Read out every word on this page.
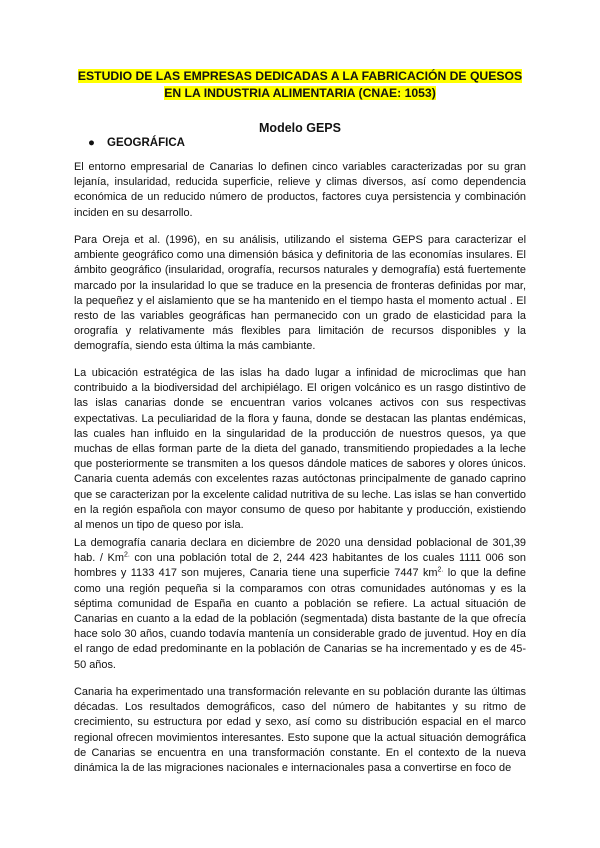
ESTUDIO DE LAS EMPRESAS DEDICADAS A LA FABRICACIÓN DE QUESOS
EN LA INDUSTRIA ALIMENTARIA (CNAE: 1053)
Modelo GEPS
● GEOGRÁFICA

El entorno empresarial de Canarias lo definen cinco variables caracterizadas por su gran lejanía, insularidad, reducida superficie, relieve y climas diversos, así como dependencia económica de un reducido número de productos, factores cuya persistencia y combinación inciden en su desarrollo.

Para Oreja et al. (1996), en su análisis, utilizando el sistema GEPS para caracterizar el ambiente geográfico como una dimensión básica y definitoria de las economías insulares. El ámbito geográfico (insularidad, orografía, recursos naturales y demografía) está fuertemente marcado por la insularidad lo que se traduce en la presencia de fronteras definidas por mar, la pequeñez y el aislamiento que se ha mantenido en el tiempo hasta el momento actual . El resto de las variables geográficas han permanecido con un grado de elasticidad para la orografía y relativamente más flexibles para limitación de recursos disponibles y la demografía, siendo esta última la más cambiante.

La ubicación estratégica de las islas ha dado lugar a infinidad de microclimas que han contribuido a la biodiversidad del archipiélago. El origen volcánico es un rasgo distintivo de las islas canarias donde se encuentran varios volcanes activos con sus respectivas expectativas. La peculiaridad de la flora y fauna, donde se destacan las plantas endémicas, las cuales han influido en la singularidad de la producción de nuestros quesos, ya que muchas de ellas forman parte de la dieta del ganado, transmitiendo propiedades a la leche que posteriormente se transmiten a los quesos dándole matices de sabores y olores únicos. Canaria cuenta además con excelentes razas autóctonas principalmente de ganado caprino que se caracterizan por la excelente calidad nutritiva de su leche. Las islas se han convertido en la región española con mayor consumo de queso por habitante y producción, existiendo al menos un tipo de queso por isla.

La demografía canaria declara en diciembre de 2020 una densidad poblacional de 301,39 hab. / $Km^{2.}$ con una población total de 2, 244 423 habitantes de los cuales 1111 006 son hombres y 1133 417 son mujeres, Canaria tiene una superficie 7447 $km^{2.}$ lo que la define como una región pequeña si la comparamos con otras comunidades autónomas y es la séptima comunidad de España en cuanto a población se refiere. La actual situación de Canarias en cuanto a la edad de la población (segmentada) dista bastante de la que ofrecía hace solo 30 años, cuando todavía mantenía un considerable grado de juventud. Hoy en día el rango de edad predominante en la población de Canarias se ha incrementado y es de 45-50 años.

Canaria ha experimentado una transformación relevante en su población durante las últimas décadas. Los resultados demográficos, caso del número de habitantes y su ritmo de crecimiento, su estructura por edad y sexo, así como su distribución espacial en el marco regional ofrecen movimientos interesantes. Esto supone que la actual situación demográfica de Canarias se encuentra en una transformación constante. En el contexto de la nueva dinámica la de las migraciones nacionales e internacionales pasa a convertirse en foco de
